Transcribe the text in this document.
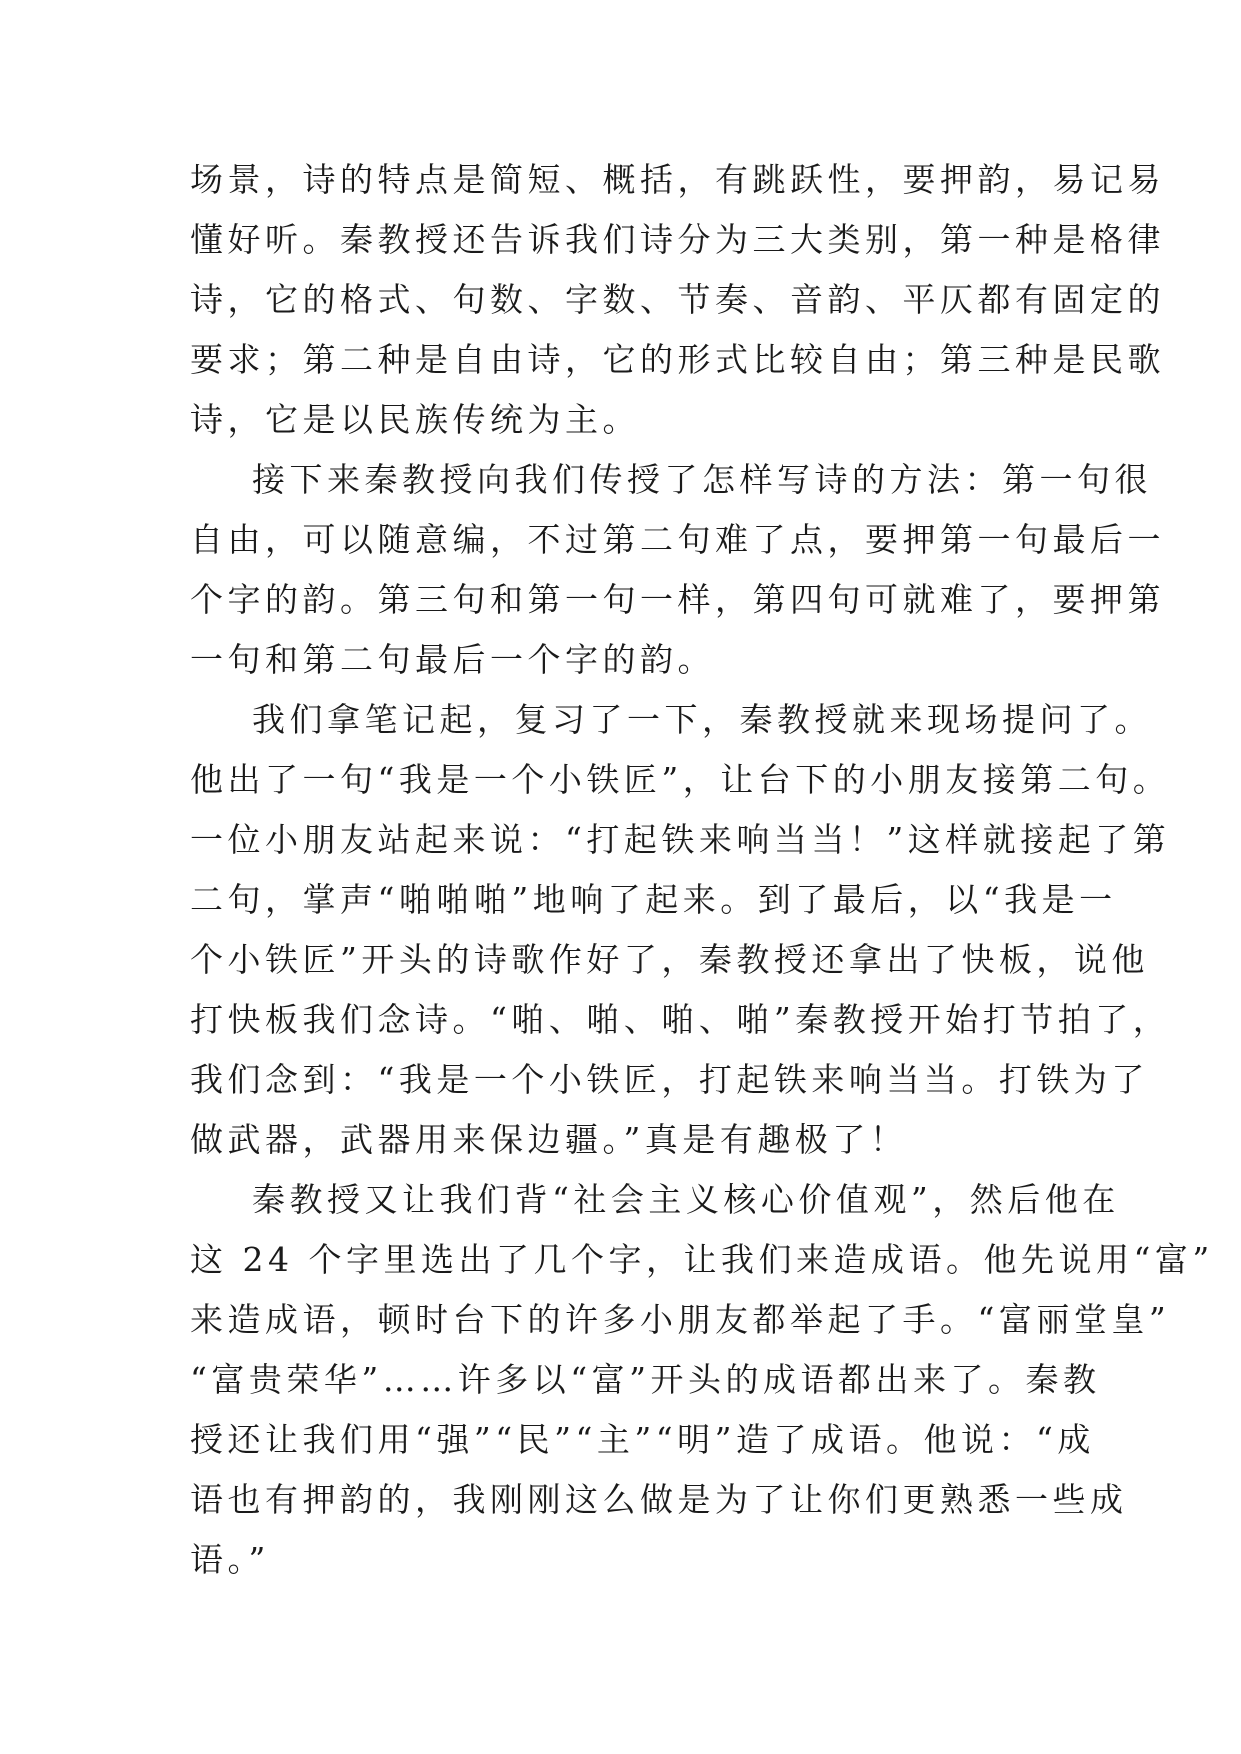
场景，诗的特点是简短、概括，有跳跃性，要押韵，易记易
懂好听。秦教授还告诉我们诗分为三大类别，第一种是格律
诗，它的格式、句数、字数、节奏、音韵、平仄都有固定的
要求；第二种是自由诗，它的形式比较自由；第三种是民歌
诗，它是以民族传统为主。
接下来秦教授向我们传授了怎样写诗的方法：第一句很
自由，可以随意编，不过第二句难了点，要押第一句最后一
个字的韵。第三句和第一句一样，第四句可就难了，要押第
一句和第二句最后一个字的韵。
我们拿笔记起，复习了一下，秦教授就来现场提问了。
他出了一句“我是一个小铁匠”，让台下的小朋友接第二句。
一位小朋友站起来说：“打起铁来响当当！”这样就接起了第
二句，掌声“啪啪啪”地响了起来。到了最后，以“我是一
个小铁匠”开头的诗歌作好了，秦教授还拿出了快板，说他
打快板我们念诗。“啪、啪、啪、啪”秦教授开始打节拍了，
我们念到：“我是一个小铁匠，打起铁来响当当。打铁为了
做武器，武器用来保边疆。”真是有趣极了！
秦教授又让我们背“社会主义核心价值观”，然后他在
这 24 个字里选出了几个字，让我们来造成语。他先说用“富”
来造成语，顿时台下的许多小朋友都举起了手。“富丽堂皇”
“富贵荣华”……许多以“富”开头的成语都出来了。秦教
授还让我们用“强”“民”“主”“明”造了成语。他说：“成
语也有押韵的，我刚刚这么做是为了让你们更熟悉一些成
语。”
